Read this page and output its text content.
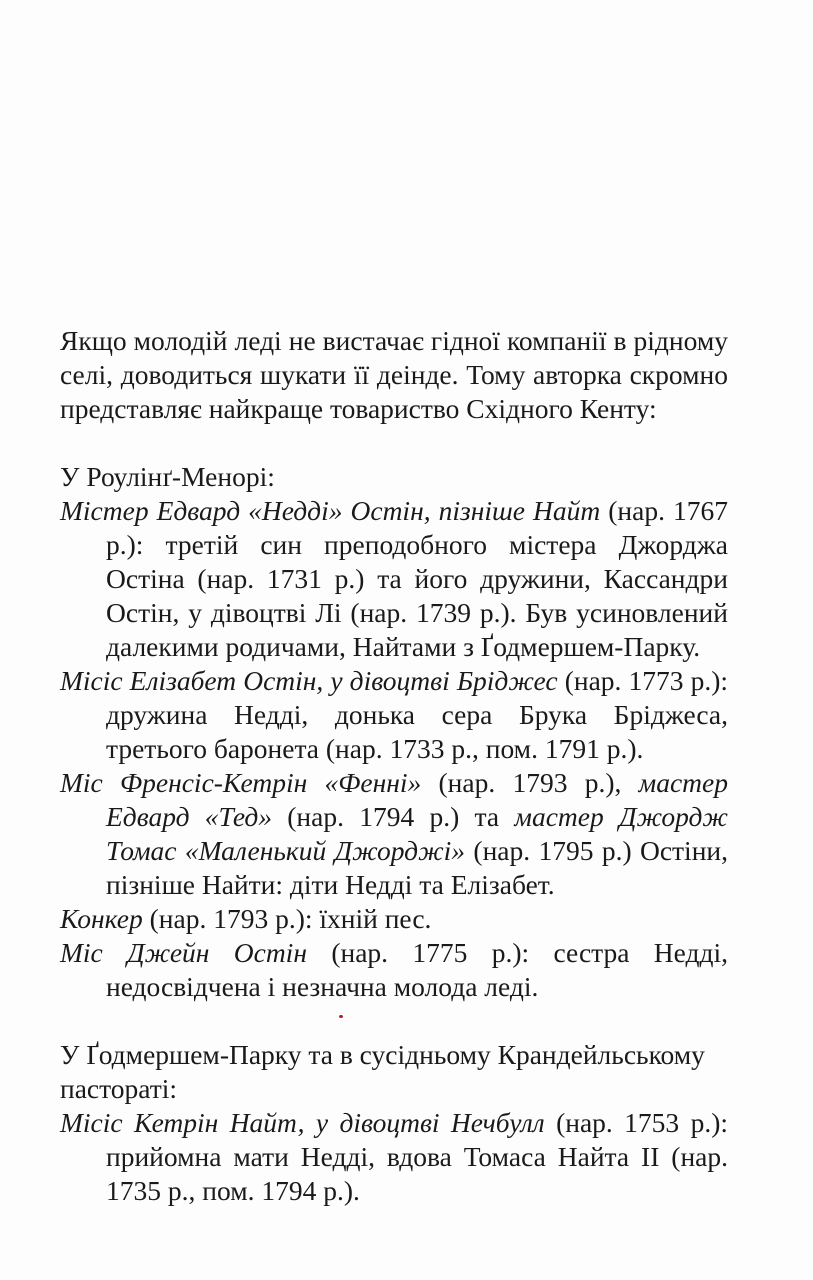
Якщо молодій леді не вистачає гідної компанії в рідному селі, доводиться шукати її деінде. Тому авторка скромно представляє найкраще товариство Східного Кенту:

У Роулінґ-Менорі:

Містер Едвард «Недді» Остін, пізніше Найт (нар. 1767 р.): третій син преподобного містера Джорджа Остіна (нар. 1731 р.) та його дружини, Кассандри Остін, у дівоцтві Лі (нар. 1739 р.). Був усиновлений далекими родичами, Найтами з Ґодмершем-Парку.

Місіс Елізабет Остін, у дівоцтві Бріджес (нар. 1773 р.): дружина Недді, донька сера Брука Бріджеса, третього баронета (нар. 1733 р., пом. 1791 р.).

Міс Френсіс-Кетрін «Фенні» (нар. 1793 р.), мастер Едвард «Тед» (нар. 1794 р.) та мастер Джордж Томас «Маленький Джорджі» (нар. 1795 р.) Остіни, пізніше Найти: діти Недді та Елізабет.

Конкер (нар. 1793 р.): їхній пес.

Міс Джейн Остін (нар. 1775 р.): сестра Недді, недосвідчена і незначна молода леді.

У Ґодмершем-Парку та в сусідньому Крандейльському пасторатi:

Місіс Кетрін Найт, у дівоцтві Нечбулл (нар. 1753 р.): прийомна мати Недді, вдова Томаса Найта II (нар. 1735 р., пом. 1794 р.).
